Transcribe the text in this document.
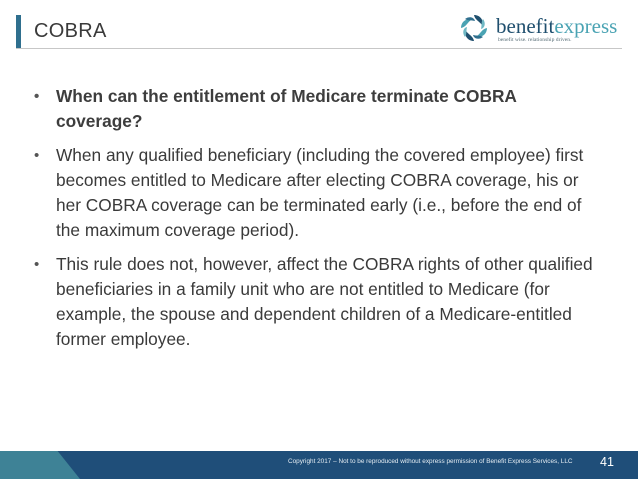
COBRA	benefitexpress
benefit wise. relationship driven.
• When can the entitlement of Medicare terminate COBRA coverage?
• When any qualified beneficiary (including the covered employee) first becomes entitled to Medicare after electing COBRA coverage, his or her COBRA coverage can be terminated early (i.e., before the end of the maximum coverage period).
• This rule does not, however, affect the COBRA rights of other qualified beneficiaries in a family unit who are not entitled to Medicare (for example, the spouse and dependent children of a Medicare-entitled former employee.
Copyright 2017 – Not to be reproduced without express permission of Benefit Express Services, LLC 41
